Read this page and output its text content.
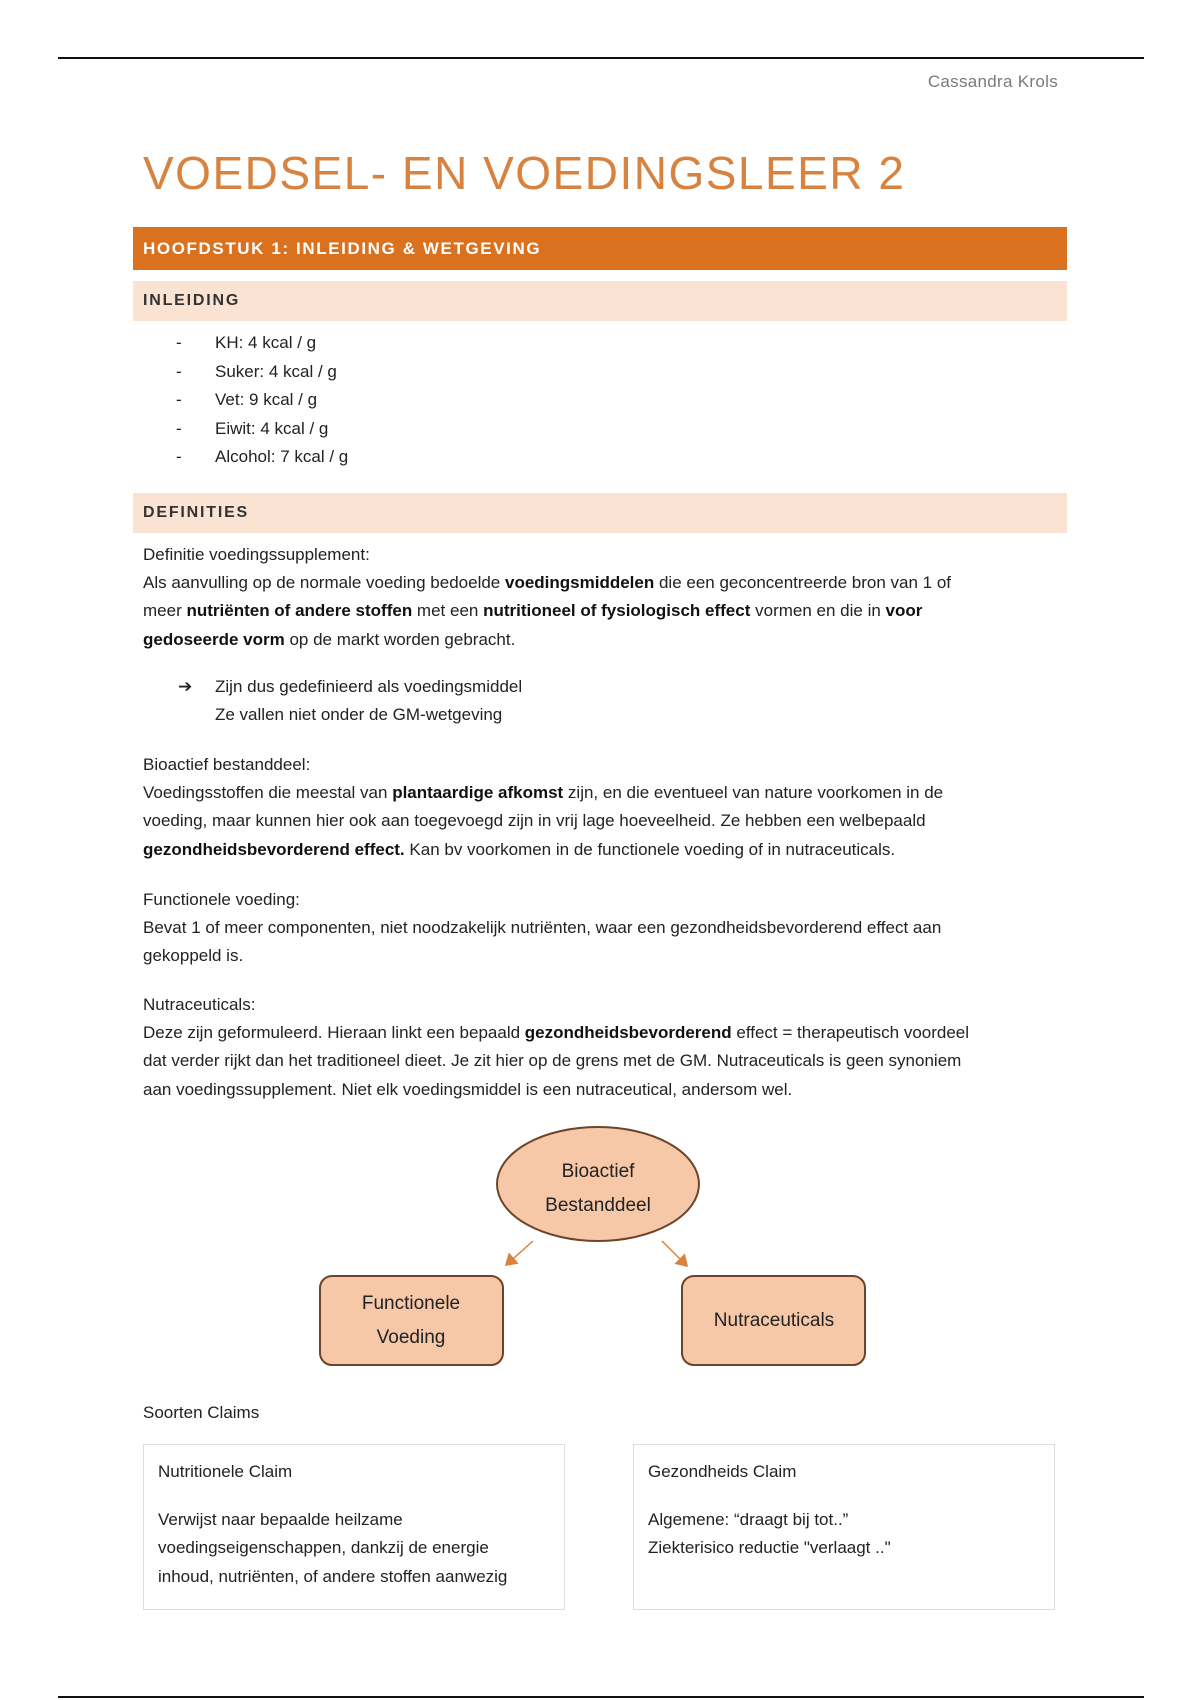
Cassandra Krols
VOEDSEL- EN VOEDINGSLEER 2
HOOFDSTUK 1: INLEIDING & WETGEVING
INLEIDING
- KH: 4 kcal / g
- Suker: 4 kcal / g
- Vet: 9 kcal / g
- Eiwit: 4 kcal / g
- Alcohol: 7 kcal / g
DEFINITIES
Definitie voedingssupplement:
Als aanvulling op de normale voeding bedoelde voedingsmiddelen die een geconcentreerde bron van 1 of
meer nutriënten of andere stoffen met een nutritioneel of fysiologisch effect vormen en die in voor
gedoseerde vorm op de markt worden gebracht.
➔ Zijn dus gedefinieerd als voedingsmiddel
Ze vallen niet onder de GM-wetgeving
Bioactief bestanddeel:
Voedingsstoffen die meestal van plantaardige afkomst zijn, en die eventueel van nature voorkomen in de
voeding, maar kunnen hier ook aan toegevoegd zijn in vrij lage hoeveelheid. Ze hebben een welbepaald
gezondheidsbevorderend effect. Kan bv voorkomen in de functionele voeding of in nutraceuticals.
Functionele voeding:
Bevat 1 of meer componenten, niet noodzakelijk nutriënten, waar een gezondheidsbevorderend effect aan
gekoppeld is.
Nutraceuticals:
Deze zijn geformuleerd. Hieraan linkt een bepaald gezondheidsbevorderend effect = therapeutisch voordeel
dat verder rijkt dan het traditioneel dieet. Je zit hier op de grens met de GM. Nutraceuticals is geen synoniem
aan voedingssupplement. Niet elk voedingsmiddel is een nutraceutical, andersom wel.
Bioactief
Bestanddeel
Functionele
Voeding
Nutraceuticals
Soorten Claims
Nutritionele Claim
Verwijst naar bepaalde heilzame
voedingseigenschappen, dankzij de energie
inhoud, nutriënten, of andere stoffen aanwezig
Gezondheids Claim
Algemene: “draagt bij tot..”
Ziekterisico reductie "verlaagt .."
